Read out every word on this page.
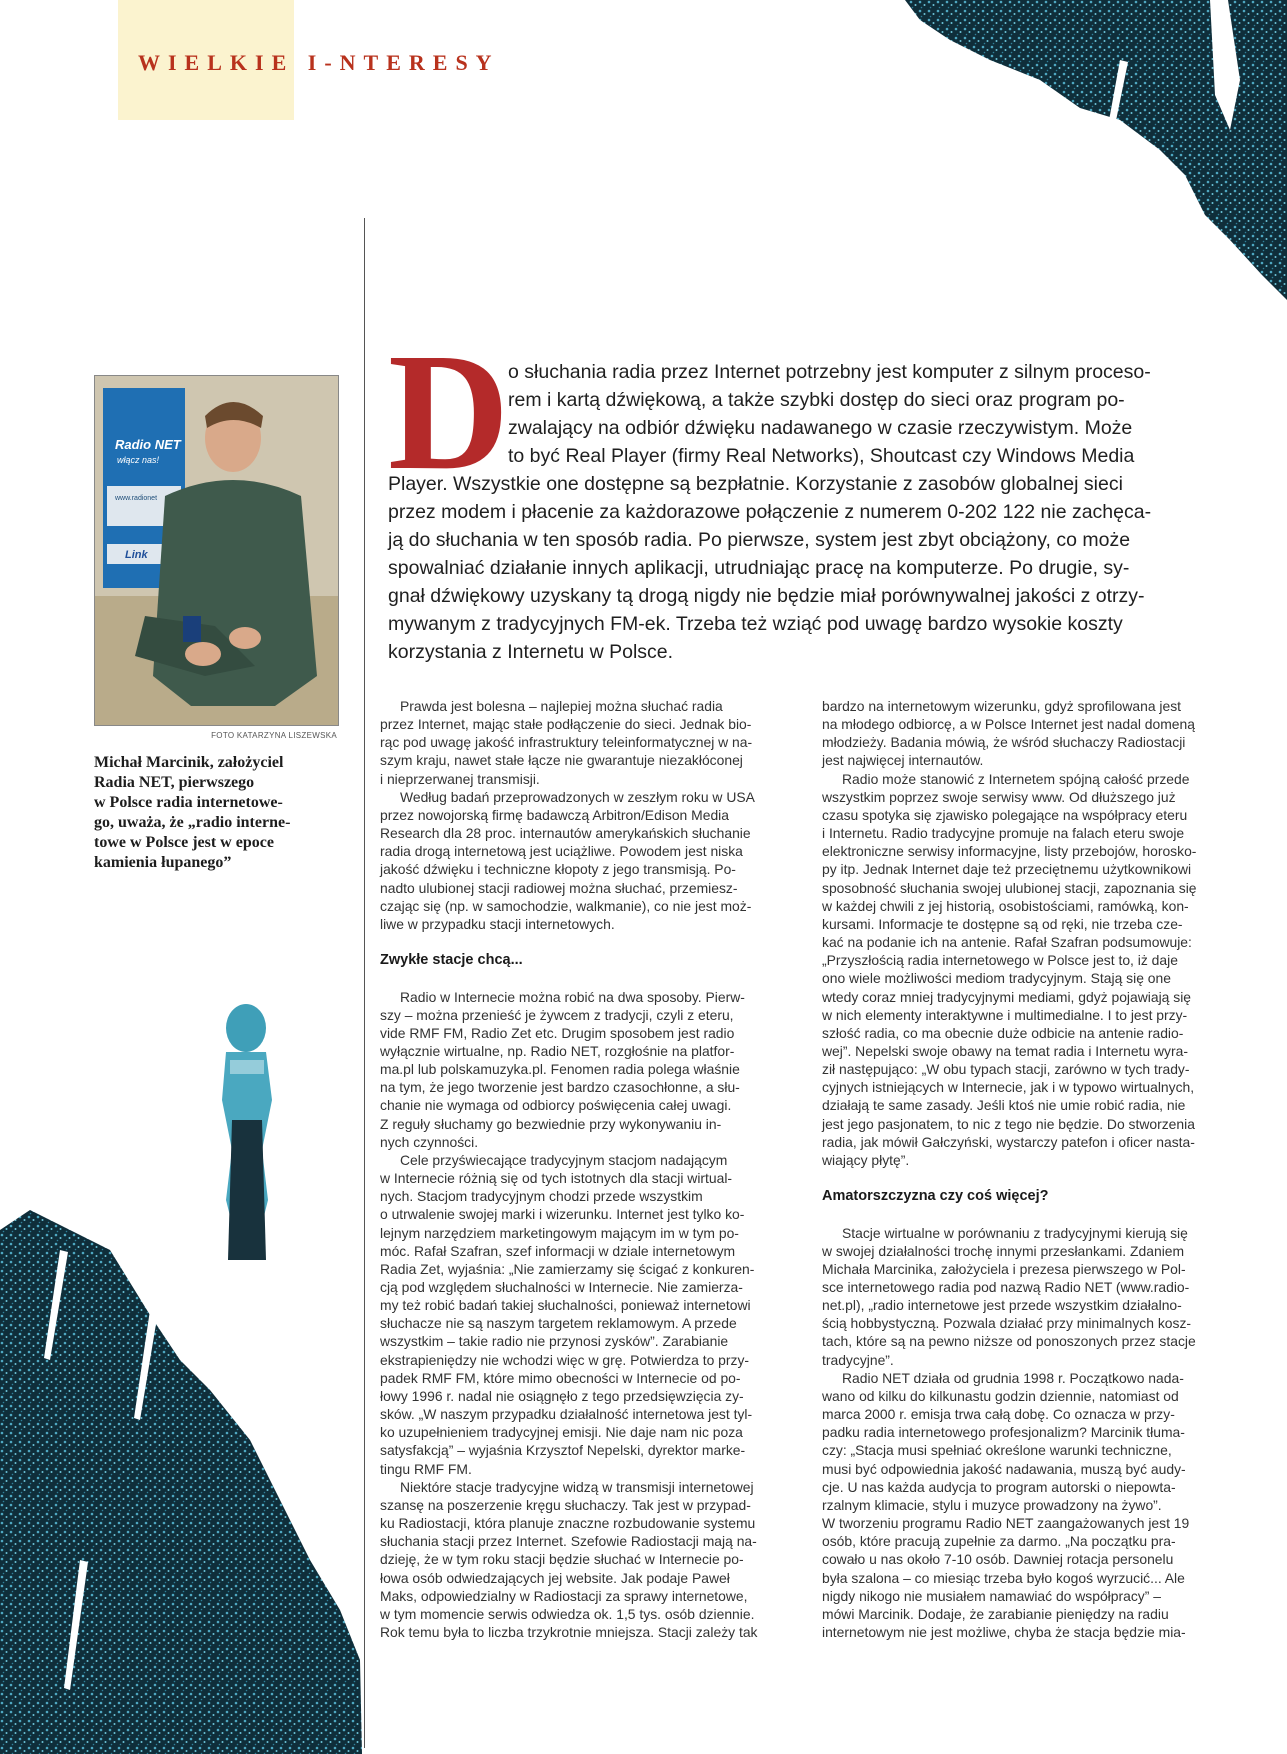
WIELKIE I-NTERESY
Radio NET
włącz nas!
www.radionet
Link
FOTO KATARZYNA LISZEWSKA
Michał Marcinik, założyciel
Radia NET, pierwszego
w Polsce radia internetowe-
go, uważa, że „radio interne-
towe w Polsce jest w epoce
kamienia łupanego”
D
o słuchania radia przez Internet potrzebny jest komputer z silnym proceso-
rem i kartą dźwiękową, a także szybki dostęp do sieci oraz program po-
zwalający na odbiór dźwięku nadawanego w czasie rzeczywistym. Może
to być Real Player (firmy Real Networks), Shoutcast czy Windows Media
Player. Wszystkie one dostępne są bezpłatnie. Korzystanie z zasobów globalnej sieci
przez modem i płacenie za każdorazowe połączenie z numerem 0-202 122 nie zachęca-
ją do słuchania w ten sposób radia. Po pierwsze, system jest zbyt obciążony, co może
spowalniać działanie innych aplikacji, utrudniając pracę na komputerze. Po drugie, sy-
gnał dźwiękowy uzyskany tą drogą nigdy nie będzie miał porównywalnej jakości z otrzy-
mywanym z tradycyjnych FM-ek. Trzeba też wziąć pod uwagę bardzo wysokie koszty
korzystania z Internetu w Polsce.
Prawda jest bolesna – najlepiej można słuchać radia
przez Internet, mając stałe podłączenie do sieci. Jednak bio-
rąc pod uwagę jakość infrastruktury teleinformatycznej w na-
szym kraju, nawet stałe łącze nie gwarantuje niezakłóconej
i nieprzerwanej transmisji.
Według badań przeprowadzonych w zeszłym roku w USA
przez nowojorską firmę badawczą Arbitron/Edison Media
Research dla 28 proc. internautów amerykańskich słuchanie
radia drogą internetową jest uciążliwe. Powodem jest niska
jakość dźwięku i techniczne kłopoty z jego transmisją. Po-
nadto ulubionej stacji radiowej można słuchać, przemiesz-
czając się (np. w samochodzie, walkmanie), co nie jest moż-
liwe w przypadku stacji internetowych.

Zwykłe stacje chcą...

Radio w Internecie można robić na dwa sposoby. Pierw-
szy – można przenieść je żywcem z tradycji, czyli z eteru,
vide RMF FM, Radio Zet etc. Drugim sposobem jest radio
wyłącznie wirtualne, np. Radio NET, rozgłośnie na platfor-
ma.pl lub polskamuzyka.pl. Fenomen radia polega właśnie
na tym, że jego tworzenie jest bardzo czasochłonne, a słu-
chanie nie wymaga od odbiorcy poświęcenia całej uwagi.
Z reguły słuchamy go bezwiednie przy wykonywaniu in-
nych czynności.
Cele przyświecające tradycyjnym stacjom nadającym
w Internecie różnią się od tych istotnych dla stacji wirtual-
nych. Stacjom tradycyjnym chodzi przede wszystkim
o utrwalenie swojej marki i wizerunku. Internet jest tylko ko-
lejnym narzędziem marketingowym mającym im w tym po-
móc. Rafał Szafran, szef informacji w dziale internetowym
Radia Zet, wyjaśnia: „Nie zamierzamy się ścigać z konkuren-
cją pod względem słuchalności w Internecie. Nie zamierza-
my też robić badań takiej słuchalności, ponieważ internetowi
słuchacze nie są naszym targetem reklamowym. A przede
wszystkim – takie radio nie przynosi zysków”. Zarabianie
ekstrapieniędzy nie wchodzi więc w grę. Potwierdza to przy-
padek RMF FM, które mimo obecności w Internecie od po-
łowy 1996 r. nadal nie osiągnęło z tego przedsięwzięcia zy-
sków. „W naszym przypadku działalność internetowa jest tyl-
ko uzupełnieniem tradycyjnej emisji. Nie daje nam nic poza
satysfakcją” – wyjaśnia Krzysztof Nepelski, dyrektor marke-
tingu RMF FM.
Niektóre stacje tradycyjne widzą w transmisji internetowej
szansę na poszerzenie kręgu słuchaczy. Tak jest w przypad-
ku Radiostacji, która planuje znaczne rozbudowanie systemu
słuchania stacji przez Internet. Szefowie Radiostacji mają na-
dzieję, że w tym roku stacji będzie słuchać w Internecie po-
łowa osób odwiedzających jej website. Jak podaje Paweł
Maks, odpowiedzialny w Radiostacji za sprawy internetowe,
w tym momencie serwis odwiedza ok. 1,5 tys. osób dziennie.
Rok temu była to liczba trzykrotnie mniejsza. Stacji zależy tak
bardzo na internetowym wizerunku, gdyż sprofilowana jest
na młodego odbiorcę, a w Polsce Internet jest nadal domeną
młodzieży. Badania mówią, że wśród słuchaczy Radiostacji
jest najwięcej internautów.
Radio może stanowić z Internetem spójną całość przede
wszystkim poprzez swoje serwisy www. Od dłuższego już
czasu spotyka się zjawisko polegające na współpracy eteru
i Internetu. Radio tradycyjne promuje na falach eteru swoje
elektroniczne serwisy informacyjne, listy przebojów, horosko-
py itp. Jednak Internet daje też przeciętnemu użytkownikowi
sposobność słuchania swojej ulubionej stacji, zapoznania się
w każdej chwili z jej historią, osobistościami, ramówką, kon-
kursami. Informacje te dostępne są od ręki, nie trzeba cze-
kać na podanie ich na antenie. Rafał Szafran podsumowuje:
„Przyszłością radia internetowego w Polsce jest to, iż daje
ono wiele możliwości mediom tradycyjnym. Stają się one
wtedy coraz mniej tradycyjnymi mediami, gdyż pojawiają się
w nich elementy interaktywne i multimedialne. I to jest przy-
szłość radia, co ma obecnie duże odbicie na antenie radio-
wej”. Nepelski swoje obawy na temat radia i Internetu wyra-
ził następująco: „W obu typach stacji, zarówno w tych trady-
cyjnych istniejących w Internecie, jak i w typowo wirtualnych,
działają te same zasady. Jeśli ktoś nie umie robić radia, nie
jest jego pasjonatem, to nic z tego nie będzie. Do stworzenia
radia, jak mówił Gałczyński, wystarczy patefon i oficer nasta-
wiający płytę”.

Amatorszczyzna czy coś więcej?

Stacje wirtualne w porównaniu z tradycyjnymi kierują się
w swojej działalności trochę innymi przesłankami. Zdaniem
Michała Marcinika, założyciela i prezesa pierwszego w Pol-
sce internetowego radia pod nazwą Radio NET (www.radio-
net.pl), „radio internetowe jest przede wszystkim działalno-
ścią hobbystyczną. Pozwala działać przy minimalnych kosz-
tach, które są na pewno niższe od ponoszonych przez stacje
tradycyjne”.
Radio NET działa od grudnia 1998 r. Początkowo nada-
wano od kilku do kilkunastu godzin dziennie, natomiast od
marca 2000 r. emisja trwa całą dobę. Co oznacza w przy-
padku radia internetowego profesjonalizm? Marcinik tłuma-
czy: „Stacja musi spełniać określone warunki techniczne,
musi być odpowiednia jakość nadawania, muszą być audy-
cje. U nas każda audycja to program autorski o niepowta-
rzalnym klimacie, stylu i muzyce prowadzony na żywo”.
W tworzeniu programu Radio NET zaangażowanych jest 19
osób, które pracują zupełnie za darmo. „Na początku pra-
cowało u nas około 7-10 osób. Dawniej rotacja personelu
była szalona – co miesiąc trzeba było kogoś wyrzucić... Ale
nigdy nikogo nie musiałem namawiać do współpracy” –
mówi Marcinik. Dodaje, że zarabianie pieniędzy na radiu
internetowym nie jest możliwe, chyba że stacja będzie mia-
